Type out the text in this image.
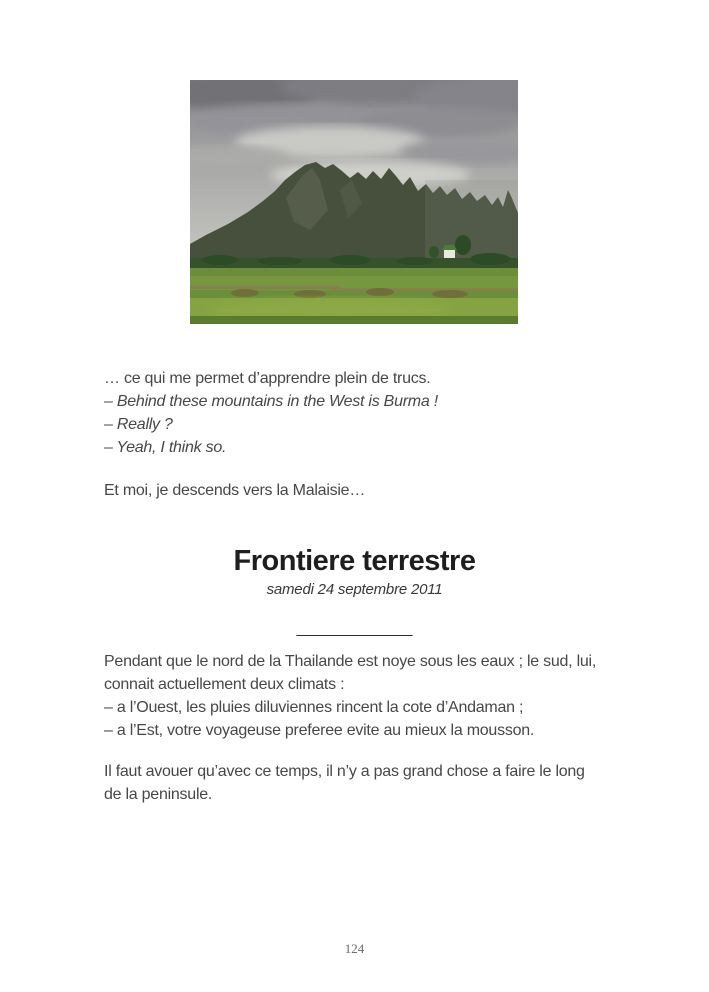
… ce qui me permet d’apprendre plein de trucs.
– Behind these mountains in the West is Burma !
– Really ?
– Yeah, I think so.
Et moi, je descends vers la Malaisie…
Frontiere terrestre
samedi 24 septembre 2011
_____________
Pendant que le nord de la Thailande est noye sous les eaux ; le sud, lui,
connait actuellement deux climats :
– a l’Ouest, les pluies diluviennes rincent la cote d’Andaman ;
– a l’Est, votre voyageuse preferee evite au mieux la mousson.
Il faut avouer qu’avec ce temps, il n’y a pas grand chose a faire le long
de la peninsule.
124
